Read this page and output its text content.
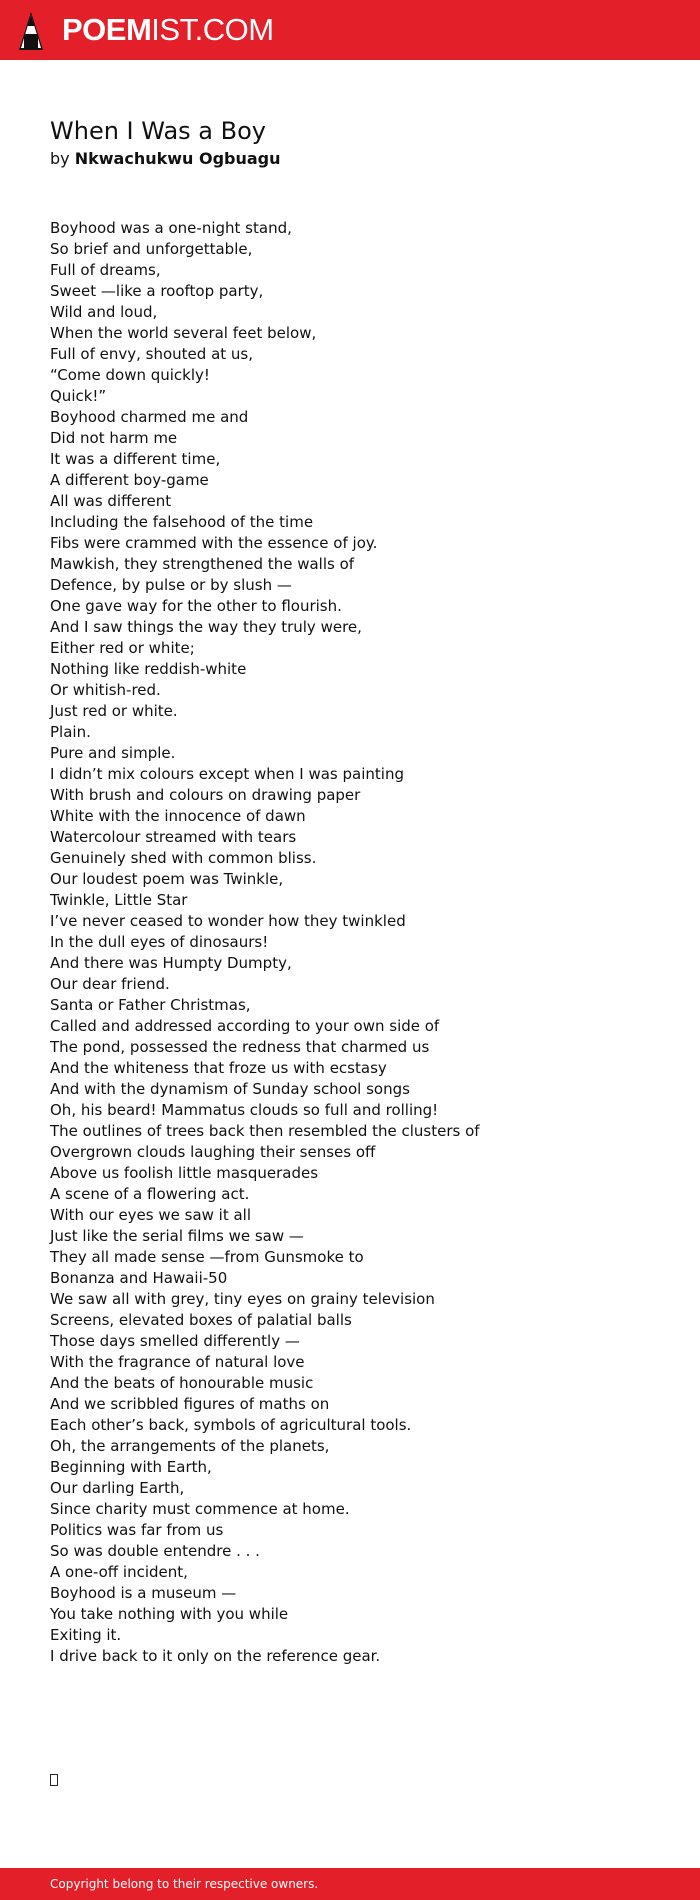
POEMIST.COM
When I Was a Boy
by Nkwachukwu Ogbuagu
Boyhood was a one-night stand,
So brief and unforgettable,
Full of dreams,
Sweet —like a rooftop party,
Wild and loud,
When the world several feet below,
Full of envy, shouted at us,
“Come down quickly!
Quick!”
Boyhood charmed me and
Did not harm me
It was a different time,
A different boy-game
All was different
Including the falsehood of the time
Fibs were crammed with the essence of joy.
Mawkish, they strengthened the walls of
Defence, by pulse or by slush —
One gave way for the other to flourish.
And I saw things the way they truly were,
Either red or white;
Nothing like reddish-white
Or whitish-red.
Just red or white.
Plain.
Pure and simple.
I didn’t mix colours except when I was painting
With brush and colours on drawing paper
White with the innocence of dawn
Watercolour streamed with tears
Genuinely shed with common bliss.
Our loudest poem was Twinkle,
Twinkle, Little Star
I’ve never ceased to wonder how they twinkled
In the dull eyes of dinosaurs!
And there was Humpty Dumpty,
Our dear friend.
Santa or Father Christmas,
Called and addressed according to your own side of
The pond, possessed the redness that charmed us
And the whiteness that froze us with ecstasy
And with the dynamism of Sunday school songs
Oh, his beard! Mammatus clouds so full and rolling!
The outlines of trees back then resembled the clusters of
Overgrown clouds laughing their senses off
Above us foolish little masquerades
A scene of a flowering act.
With our eyes we saw it all
Just like the serial films we saw —
They all made sense —from Gunsmoke to
Bonanza and Hawaii-50
We saw all with grey, tiny eyes on grainy television
Screens, elevated boxes of palatial balls
Those days smelled differently —
With the fragrance of natural love
And the beats of honourable music
And we scribbled figures of maths on
Each other’s back, symbols of agricultural tools.
Oh, the arrangements of the planets,
Beginning with Earth,
Our darling Earth,
Since charity must commence at home.
Politics was far from us
So was double entendre . . .
A one-off incident,
Boyhood is a museum —
You take nothing with you while
Exiting it.
I drive back to it only on the reference gear.
Copyright belong to their respective owners.
